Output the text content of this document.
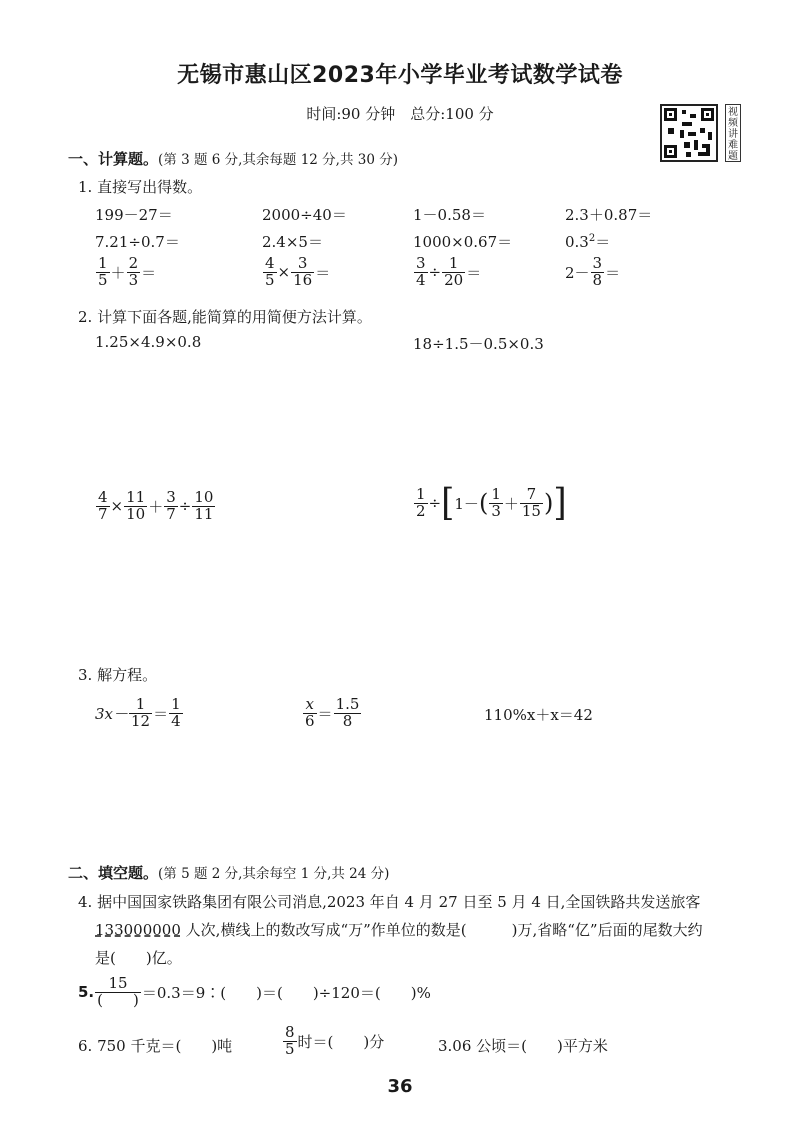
无锡市惠山区2023年小学毕业考试数学试卷
时间:90 分钟　总分:100 分	视频讲难题
一、计算题。(第 3 题 6 分,其余每题 12 分,共 30 分)
1. 直接写出得数。
199－27＝	2000÷40＝	1－0.58＝	2.3＋0.87＝
7.21÷0.7＝	2.4×5＝	1000×0.67＝	$0.3^2=$
$\frac{1}{5} + \frac{2}{3}$ ＝	$\frac{4}{5} \times \frac{3}{16}$ ＝	$\frac{3}{4} \div \frac{1}{20}$ ＝	$2- \frac{3}{8}$ ＝
2. 计算下面各题,能简算的用简便方法计算。
1.25×4.9×0.8	18÷1.5－0.5×0.3
$\frac{4}{7} \times \frac{11}{10} + \frac{3}{7} \div \frac{10}{11}$	$\frac{1}{2}$ ÷ [ 1－ ( $\frac{1}{3} + \frac{7}{15}$ ) ]
3. 解方程。
$3x- \frac{1}{12} = \frac{1}{4}$	$\frac{x}{6} = \frac{1.5}{8}$	110%x＋x＝42
二、填空题。(第 5 题 2 分,其余每空 1 分,共 24 分)
4. 据中国国家铁路集团有限公司消息,2023 年自 4 月 27 日至 5 月 4 日,全国铁路共发送旅客
133000000 人次,横线上的数改写成“万”作单位的数是(　　　)万,省略“亿”后面的尾数大约
是(　　)亿。
5. $\frac{15}{( )}$ ＝0.3＝9∶(　　)＝(　　)÷120＝(　　)%
6. 750 千克＝(　　)吨	$\frac{8}{5}$ 时＝(　　)分	3.06 公顷＝(　　)平方米
36
